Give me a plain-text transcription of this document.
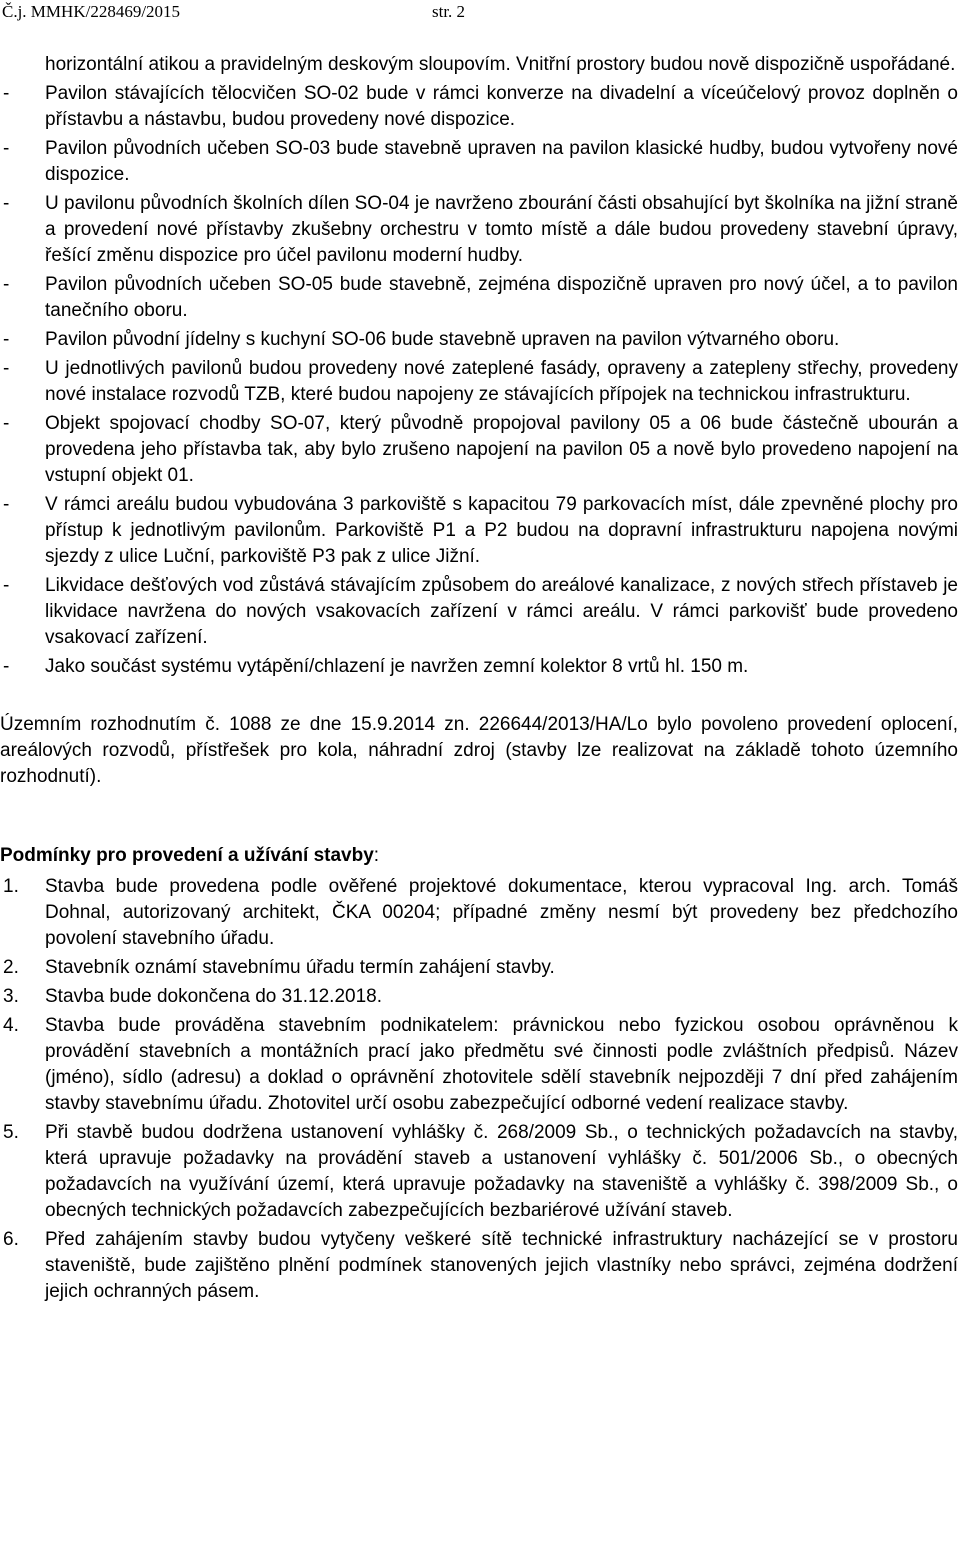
Č.j. MMHK/228469/2015	str. 2
horizontální atikou a pravidelným deskovým sloupovím. Vnitřní prostory budou nově dispozičně uspořádané.
- Pavilon stávajících tělocvičen SO-02 bude v rámci konverze na divadelní a víceúčelový provoz doplněn o přístavbu a nástavbu, budou provedeny nové dispozice.
- Pavilon původních učeben SO-03 bude stavebně upraven na pavilon klasické hudby, budou vytvořeny nové dispozice.
- U pavilonu původních školních dílen SO-04 je navrženo zbourání části obsahující byt školníka na jižní straně a provedení nové přístavby zkušebny orchestru v tomto místě a dále budou provedeny stavební úpravy, řešící změnu dispozice pro účel pavilonu moderní hudby.
- Pavilon původních učeben SO-05 bude stavebně, zejména dispozičně upraven pro nový účel, a to pavilon tanečního oboru.
- Pavilon původní jídelny s kuchyní SO-06 bude stavebně upraven na pavilon výtvarného oboru.
- U jednotlivých pavilonů budou provedeny nové zateplené fasády, opraveny a zatepleny střechy, provedeny nové instalace rozvodů TZB, které budou napojeny ze stávajících přípojek na technickou infrastrukturu.
- Objekt spojovací chodby SO-07, který původně propojoval pavilony 05 a 06 bude částečně ubourán a provedena jeho přístavba tak, aby bylo zrušeno napojení na pavilon 05 a nově bylo provedeno napojení na vstupní objekt 01.
- V rámci areálu budou vybudována 3 parkoviště s kapacitou 79 parkovacích míst, dále zpevněné plochy pro přístup k jednotlivým pavilonům. Parkoviště P1 a P2 budou na dopravní infrastrukturu napojena novými sjezdy z ulice Luční, parkoviště P3 pak z ulice Jižní.
- Likvidace dešťových vod zůstává stávajícím způsobem do areálové kanalizace, z nových střech přístaveb je likvidace navržena do nových vsakovacích zařízení v rámci areálu. V rámci parkovišť bude provedeno vsakovací zařízení.
- Jako součást systému vytápění/chlazení je navržen zemní kolektor 8 vrtů hl. 150 m.
Územním rozhodnutím č. 1088 ze dne 15.9.2014 zn. 226644/2013/HA/Lo bylo povoleno provedení oplocení, areálových rozvodů, přístřešek pro kola, náhradní zdroj (stavby lze realizovat na základě tohoto územního rozhodnutí).
Podmínky pro provedení a užívání stavby:
1. Stavba bude provedena podle ověřené projektové dokumentace, kterou vypracoval Ing. arch. Tomáš Dohnal, autorizovaný architekt, ČKA 00204; případné změny nesmí být provedeny bez předchozího povolení stavebního úřadu.
2. Stavebník oznámí stavebnímu úřadu termín zahájení stavby.
3. Stavba bude dokončena do 31.12.2018.
4. Stavba bude prováděna stavebním podnikatelem: právnickou nebo fyzickou osobou oprávněnou k provádění stavebních a montážních prací jako předmětu své činnosti podle zvláštních předpisů. Název (jméno), sídlo (adresu) a doklad o oprávnění zhotovitele sdělí stavebník nejpozději 7 dní před zahájením stavby stavebnímu úřadu. Zhotovitel určí osobu zabezpečující odborné vedení realizace stavby.
5. Při stavbě budou dodržena ustanovení vyhlášky č. 268/2009 Sb., o technických požadavcích na stavby, která upravuje požadavky na provádění staveb a ustanovení vyhlášky č. 501/2006 Sb., o obecných požadavcích na využívání území, která upravuje požadavky na staveniště a vyhlášky č. 398/2009 Sb., o obecných technických požadavcích zabezpečujících bezbariérové užívání staveb.
6. Před zahájením stavby budou vytyčeny veškeré sítě technické infrastruktury nacházející se v prostoru staveniště, bude zajištěno plnění podmínek stanovených jejich vlastníky nebo správci, zejména dodržení jejich ochranných pásem.
